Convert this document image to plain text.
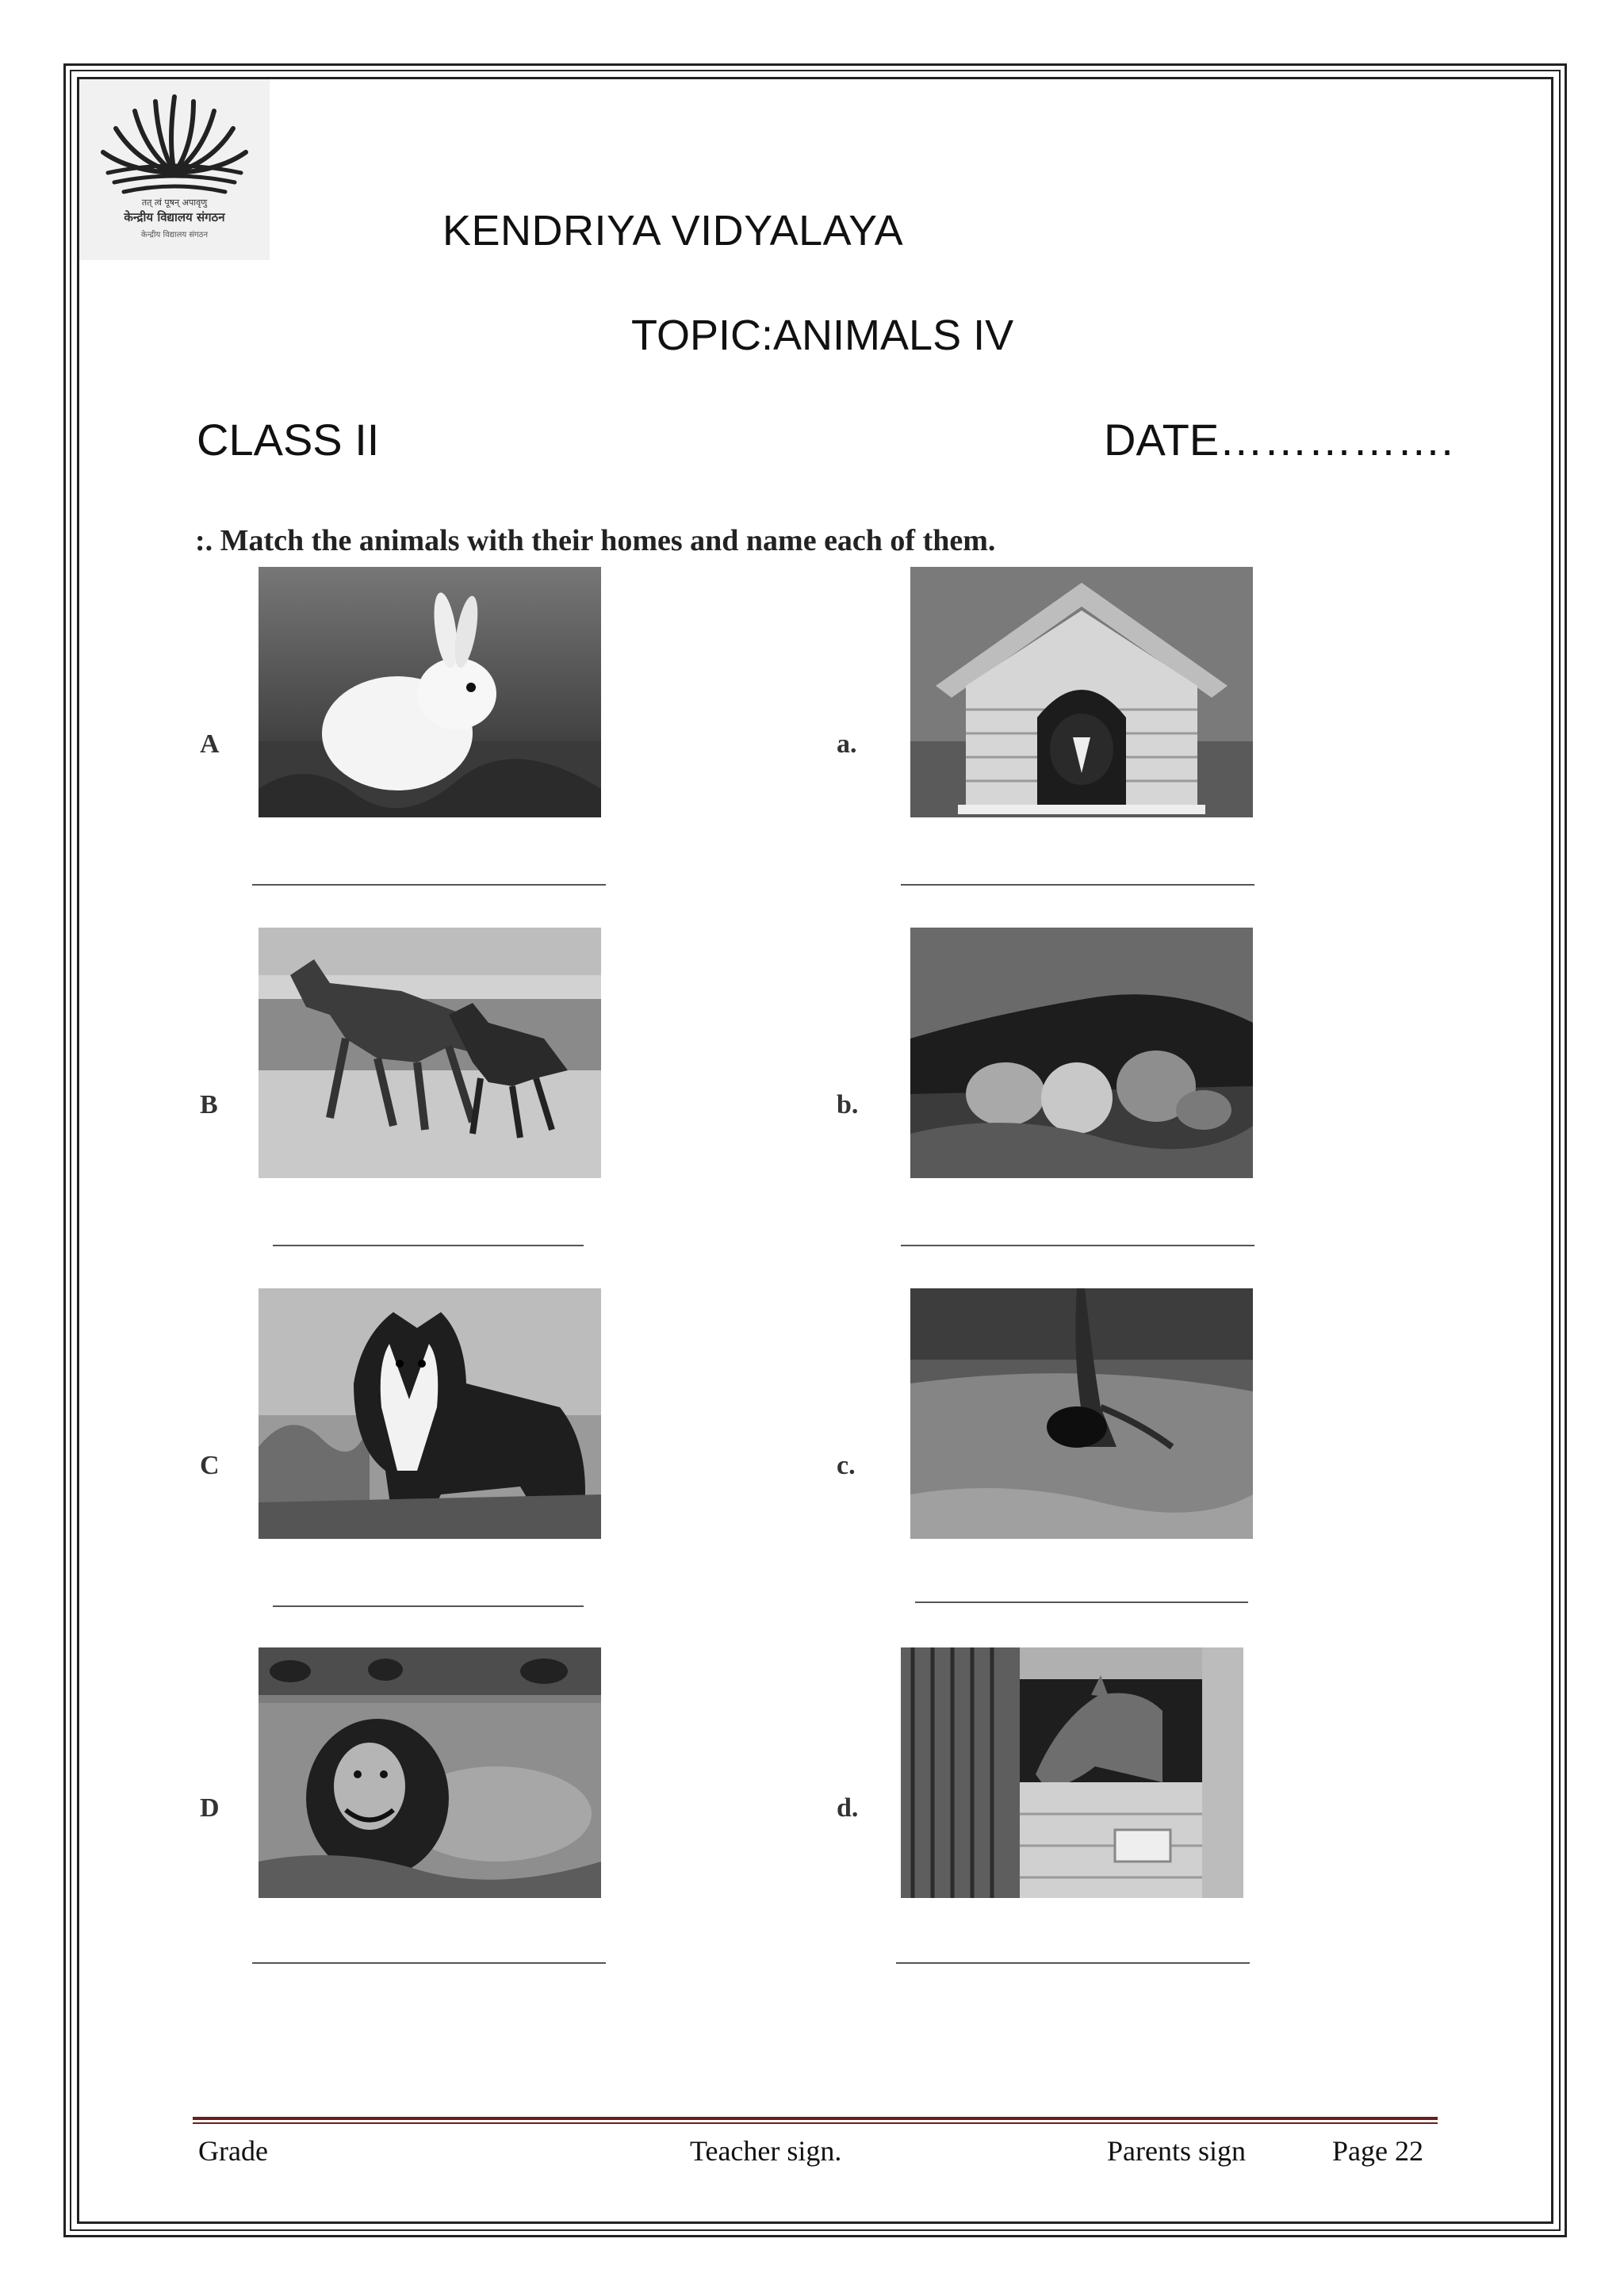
तत् त्वं पूषन् अपावृणु
केन्द्रीय विद्यालय संगठन
केन्द्रीय विद्यालय संगठन	KENDRIYA VIDYALAYA
TOPIC:ANIMALS IV
CLASS II	DATE…………….
:. Match the animals with their homes and name each of them.
A
B
C
D
a.
b.
c.
d.
Grade	Teacher sign.	Parents sign	Page 22
